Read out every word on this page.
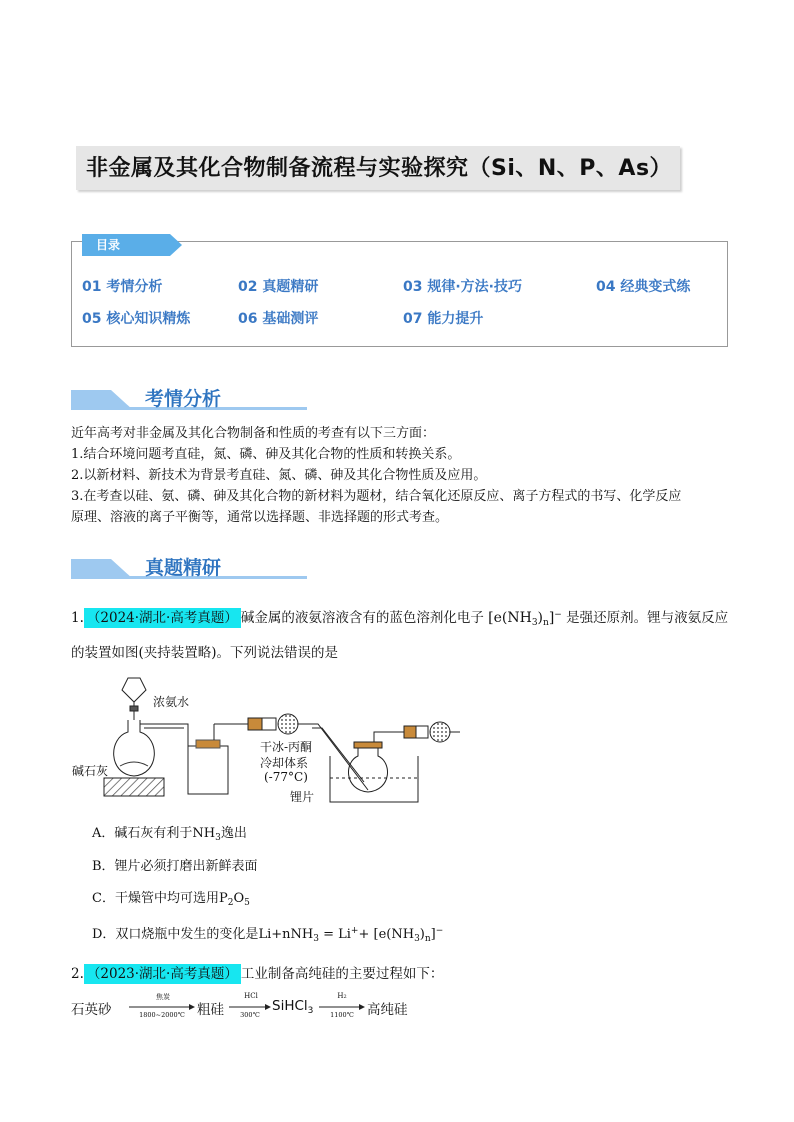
非金属及其化合物制备流程与实验探究（Si、N、P、As）
目录
01 考情分析	02 真题精研	03 规律·方法·技巧	04 经典变式练
05 核心知识精炼	06 基础测评	07 能力提升
考情分析
近年高考对非金属及其化合物制备和性质的考查有以下三方面：
1.结合环境问题考直硅，氮、磷、砷及其化合物的性质和转换关系。
2.以新材料、新技术为背景考直硅、氮、磷、砷及其化合物性质及应用。
3.在考查以硅、氨、磷、砷及其化合物的新材料为题材，结合氧化还原反应、离子方程式的书写、化学反应
原理、溶液的离子平衡等，通常以选择题、非选择题的形式考查。
真题精研
1. （2024·湖北·高考真题） 碱金属的液氨溶液含有的蓝色溶剂化电子 $[e(NH_3)_n]^-$ 是强还原剂。锂与液氨反应
的装置如图(夹持装置略)。下列说法错误的是
浓氨水
碱石灰
干冰-丙酮
冷却体系
(-77°C)
锂片
A．碱石灰有利于$NH_3$逸出
B．锂片必须打磨出新鲜表面
C．干燥管中均可选用$P_2O_5$
D．双口烧瓶中发生的变化是$Li+nNH_3 = Li^++ [e(NH_3)_n]^-$
2. （2023·湖北·高考真题） 工业制备高纯硅的主要过程如下：
石英砂
焦炭
1800~2000℃ 粗硅
HCl
300℃
SiHCl$_3$
H2
1100℃ 高纯硅
